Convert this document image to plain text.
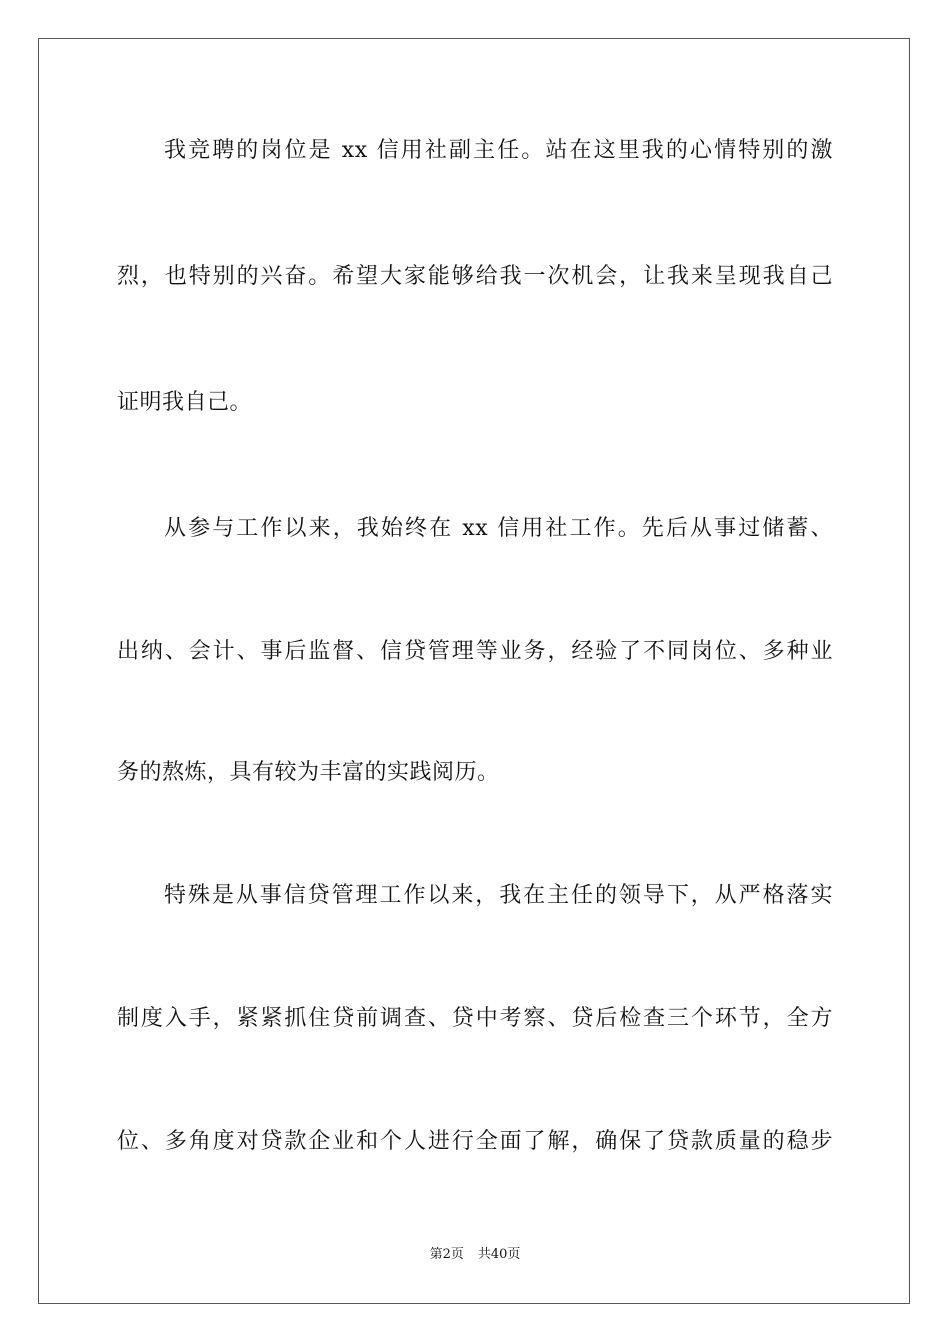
我竞聘的岗位是 xx 信用社副主任。站在这里我的心情特别的激
烈，也特别的兴奋。希望大家能够给我一次机会，让我来呈现我自己
证明我自己。
从参与工作以来，我始终在 xx 信用社工作。先后从事过储蓄、
出纳、会计、事后监督、信贷管理等业务，经验了不同岗位、多种业
务的熬炼，具有较为丰富的实践阅历。
特殊是从事信贷管理工作以来，我在主任的领导下，从严格落实
制度入手，紧紧抓住贷前调查、贷中考察、贷后检查三个环节，全方
位、多角度对贷款企业和个人进行全面了解，确保了贷款质量的稳步
第2页 共40页
